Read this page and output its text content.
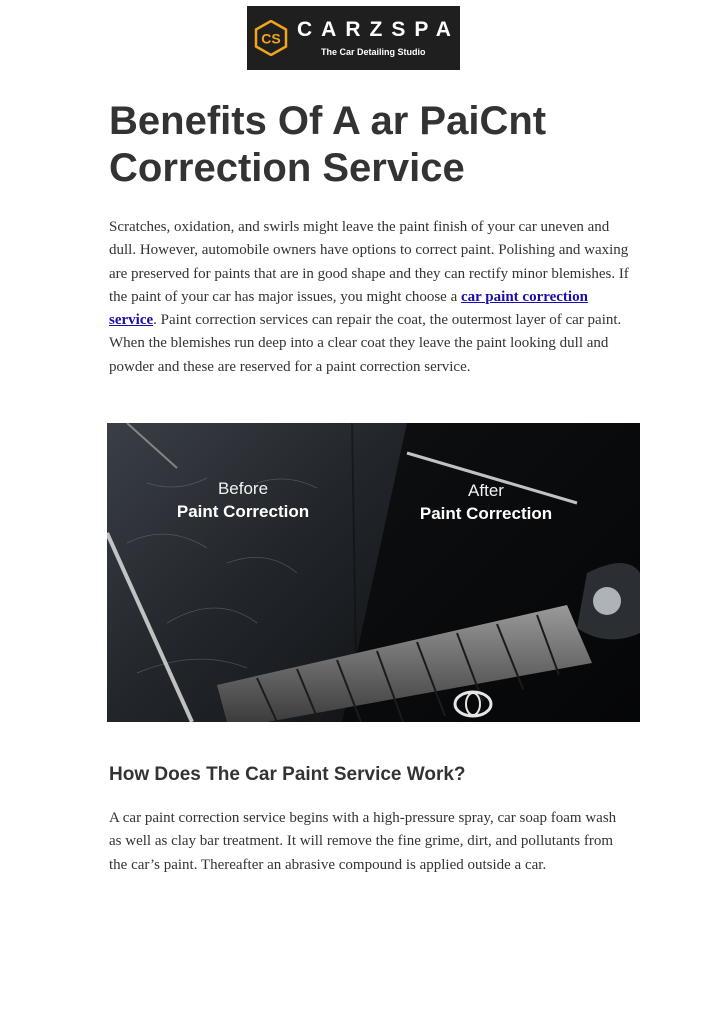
CS CARZSPA
The Car Detailing Studio
Benefits Of A ar PaiCnt Correction Service

Scratches, oxidation, and swirls might leave the paint finish of your car uneven and dull. However, automobile owners have options to correct paint. Polishing and waxing are preserved for paints that are in good shape and they can rectify minor blemishes. If the paint of your car has major issues, you might choose a car paint correction service. Paint correction services can repair the coat, the outermost layer of car paint. When the blemishes run deep into a clear coat they leave the paint looking dull and powder and these are reserved for a paint correction service.

Before
Paint Correction
After
Paint Correction
How Does The Car Paint Service Work?

A car paint correction service begins with a high-pressure spray, car soap foam wash as well as clay bar treatment. It will remove the fine grime, dirt, and pollutants from the car’s paint. Thereafter an abrasive compound is applied outside a car.
